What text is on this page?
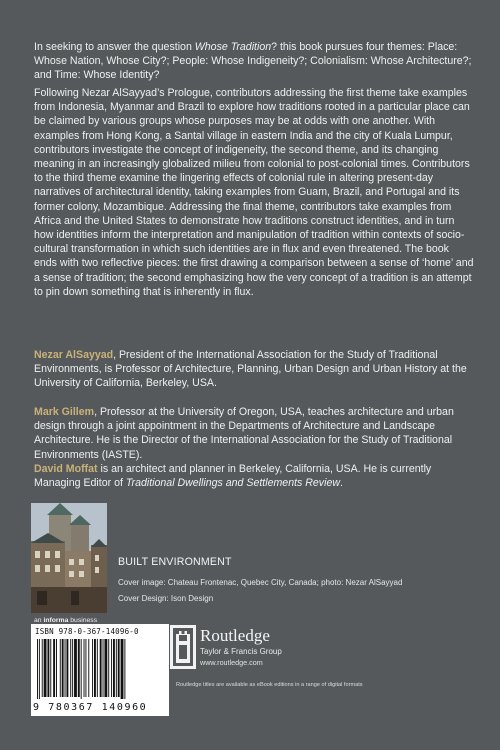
In seeking to answer the question Whose Tradition? this book pursues four themes: Place: Whose Nation, Whose City?; People: Whose Indigeneity?; Colonialism: Whose Architecture?; and Time: Whose Identity?

Following Nezar AlSayyad’s Prologue, contributors addressing the first theme take examples from Indonesia, Myanmar and Brazil to explore how traditions rooted in a particular place can be claimed by various groups whose purposes may be at odds with one another. With examples from Hong Kong, a Santal village in eastern India and the city of Kuala Lumpur, contributors investigate the concept of indigeneity, the second theme, and its changing meaning in an increasingly globalized milieu from colonial to post-colonial times. Contributors to the third theme examine the lingering effects of colonial rule in altering present-day narratives of architectural identity, taking examples from Guam, Brazil, and Portugal and its former colony, Mozambique. Addressing the final theme, contributors take examples from Africa and the United States to demonstrate how traditions construct identities, and in turn how identities inform the interpretation and manipulation of tradition within contexts of socio-cultural transformation in which such identities are in flux and even threatened. The book ends with two reflective pieces: the first drawing a comparison between a sense of ‘home’ and a sense of tradition; the second emphasizing how the very concept of a tradition is an attempt to pin down something that is inherently in flux.

Nezar AlSayyad, President of the International Association for the Study of Traditional Environments, is Professor of Architecture, Planning, Urban Design and Urban History at the University of California, Berkeley, USA.

Mark Gillem, Professor at the University of Oregon, USA, teaches architecture and urban design through a joint appointment in the Departments of Architecture and Landscape Architecture. He is the Director of the International Association for the Study of Traditional Environments (IASTE).

David Moffat is an architect and planner in Berkeley, California, USA. He is currently Managing Editor of Traditional Dwellings and Settlements Review.

BUILT ENVIRONMENT
Cover image: Chateau Frontenac, Quebec City, Canada; photo: Nezar AlSayyad
Cover Design: Ison Design
an informa business
ISBN 978-0-367-14096-0
9 780367 140960
Routledge
Taylor & Francis Group
www.routledge.com
Routledge titles are available as eBook editions in a range of digital formats
